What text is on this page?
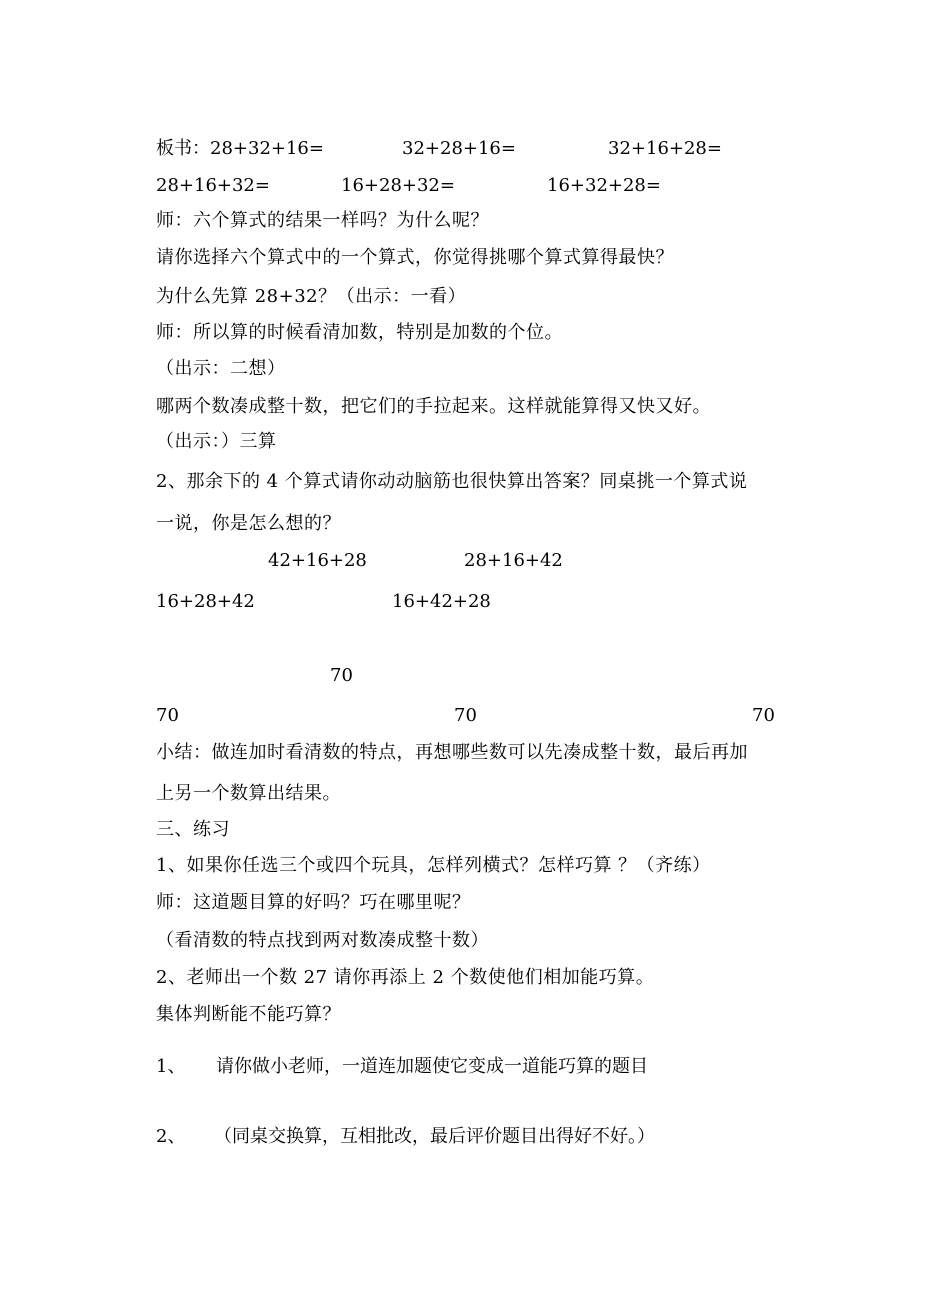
板书：28+32+16=	32+28+16=	32+16+28=
28+16+32=	16+28+32=	16+32+28=
师：六个算式的结果一样吗？为什么呢？
请你选择六个算式中的一个算式，你觉得挑哪个算式算得最快？
为什么先算 28+32？（出示：一看）
师：所以算的时候看清加数，特别是加数的个位。
（出示：二想）
哪两个数凑成整十数，把它们的手拉起来。这样就能算得又快又好。
（出示：）三算
2、那余下的 4 个算式请你动动脑筋也很快算出答案？同桌挑一个算式说
一说，你是怎么想的？
42+16+28	28+16+42
16+28+42	16+42+28
70
70	70	70
小结：做连加时看清数的特点，再想哪些数可以先凑成整十数，最后再加
上另一个数算出结果。
三、练习
1、如果你任选三个或四个玩具，怎样列横式？怎样巧算 ？（齐练）
师：这道题目算的好吗？巧在哪里呢？
（看清数的特点找到两对数凑成整十数）
2、老师出一个数 27 请你再添上 2 个数使他们相加能巧算。
集体判断能不能巧算？
1、 请你做小老师，一道连加题使它变成一道能巧算的题目
2、 （同桌交换算，互相批改，最后评价题目出得好不好。）
